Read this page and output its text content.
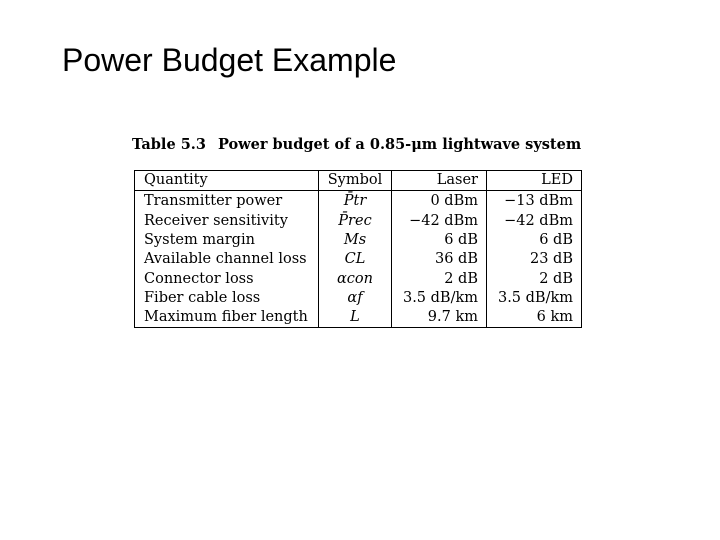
Power Budget Example
Table 5.3 Power budget of a 0.85-μm lightwave system
Quantity	Symbol	Laser	LED
Transmitter power	P̄tr	0 dBm	−13 dBm
Receiver sensitivity	P̄rec	−42 dBm	−42 dBm
System margin	Ms	6 dB	6 dB
Available channel loss	CL	36 dB	23 dB
Connector loss	αcon	2 dB	2 dB
Fiber cable loss	αf	3.5 dB/km	3.5 dB/km
Maximum fiber length	L	9.7 km	6 km
